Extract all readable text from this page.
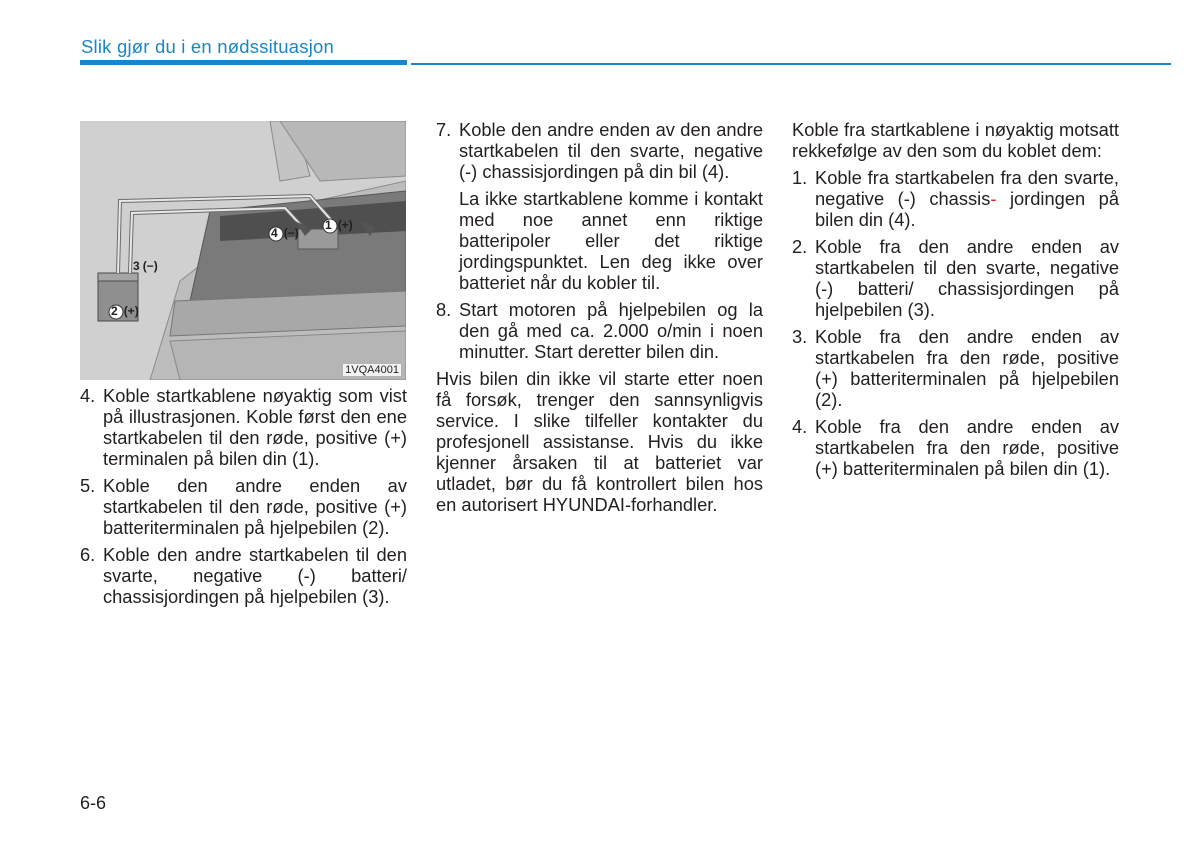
Slik gjør du i en nødssituasjon
1 (+)
4 (−)
3 (−)
2 (+)
1VQA4001
4. Koble startkablene nøyaktig som vist på illustrasjonen. Koble først den ene startkabelen til den røde, positive (+) terminalen på bilen din (1).
5. Koble den andre enden av startkabelen til den røde, positive (+) batteriterminalen på hjelpebilen (2).
6. Koble den andre startkabelen til den svarte, negative (-) batteri/ chassisjordingen på hjelpebilen (3).
7. Koble den andre enden av den andre startkabelen til den svarte, negative (-) chassisjordingen på din bil (4).
La ikke startkablene komme i kontakt med noe annet enn riktige batteripoler eller det riktige jordingspunktet. Len deg ikke over batteriet når du kobler til.
8. Start motoren på hjelpebilen og la den gå med ca. 2.000 o/min i noen minutter. Start deretter bilen din.
Hvis bilen din ikke vil starte etter noen få forsøk, trenger den sannsynligvis service. I slike tilfeller kontakter du profesjonell assistanse. Hvis du ikke kjenner årsaken til at batteriet var utladet, bør du få kontrollert bilen hos en autorisert HYUNDAI-forhandler.
Koble fra startkablene i nøyaktig motsatt rekkefølge av den som du koblet dem:
1. Koble fra startkabelen fra den svarte, negative (-) chassis- jordingen på bilen din (4).
2. Koble fra den andre enden av startkabelen til den svarte, negative (-) batteri/ chassisjordingen på hjelpebilen (3).
3. Koble fra den andre enden av startkabelen fra den røde, positive (+) batteriterminalen på hjelpebilen (2).
4. Koble fra den andre enden av startkabelen fra den røde, positive (+) batteriterminalen på bilen din (1).
6-6
